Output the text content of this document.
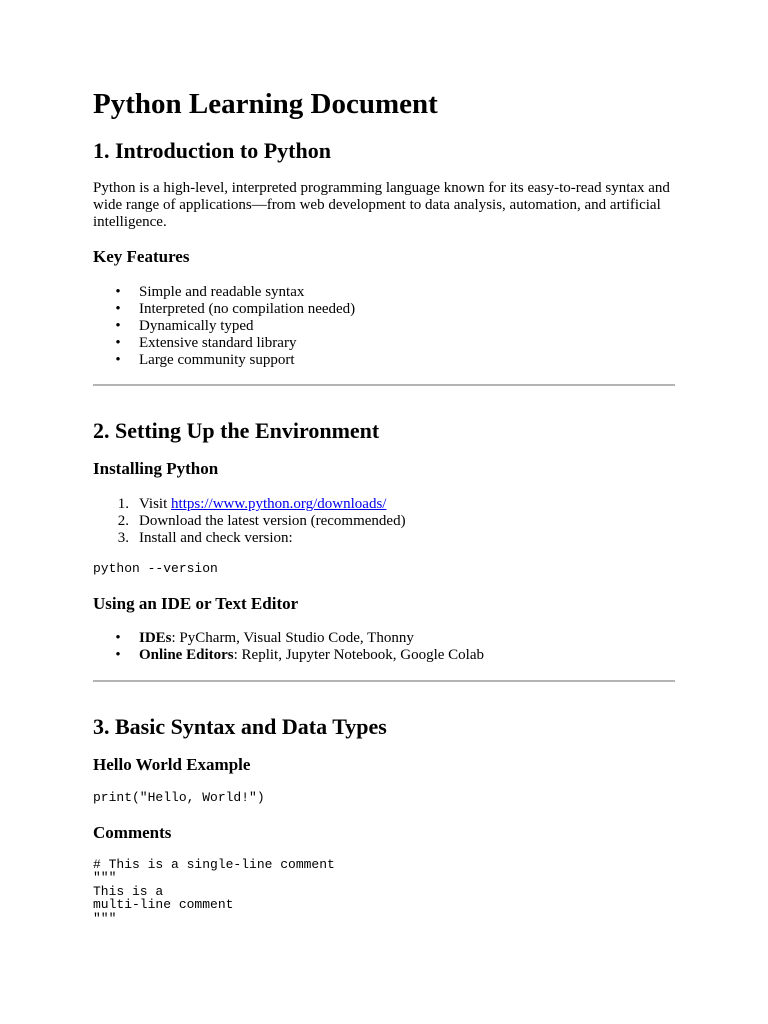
Python Learning Document
1. Introduction to Python

Python is a high-level, interpreted programming language known for its easy-to-read syntax and wide range of applications—from web development to data analysis, automation, and artificial intelligence.

Key Features
• Simple and readable syntax
• Interpreted (no compilation needed)
• Dynamically typed
• Extensive standard library
• Large community support
2. Setting Up the Environment
Installing Python
1. Visit https://www.python.org/downloads/
2. Download the latest version (recommended)
3. Install and check version:
python --version
Using an IDE or Text Editor
• IDEs: PyCharm, Visual Studio Code, Thonny
• Online Editors: Replit, Jupyter Notebook, Google Colab
3. Basic Syntax and Data Types
Hello World Example
print("Hello, World!")
Comments
# This is a single-line comment
"""
This is a
multi-line comment
"""
